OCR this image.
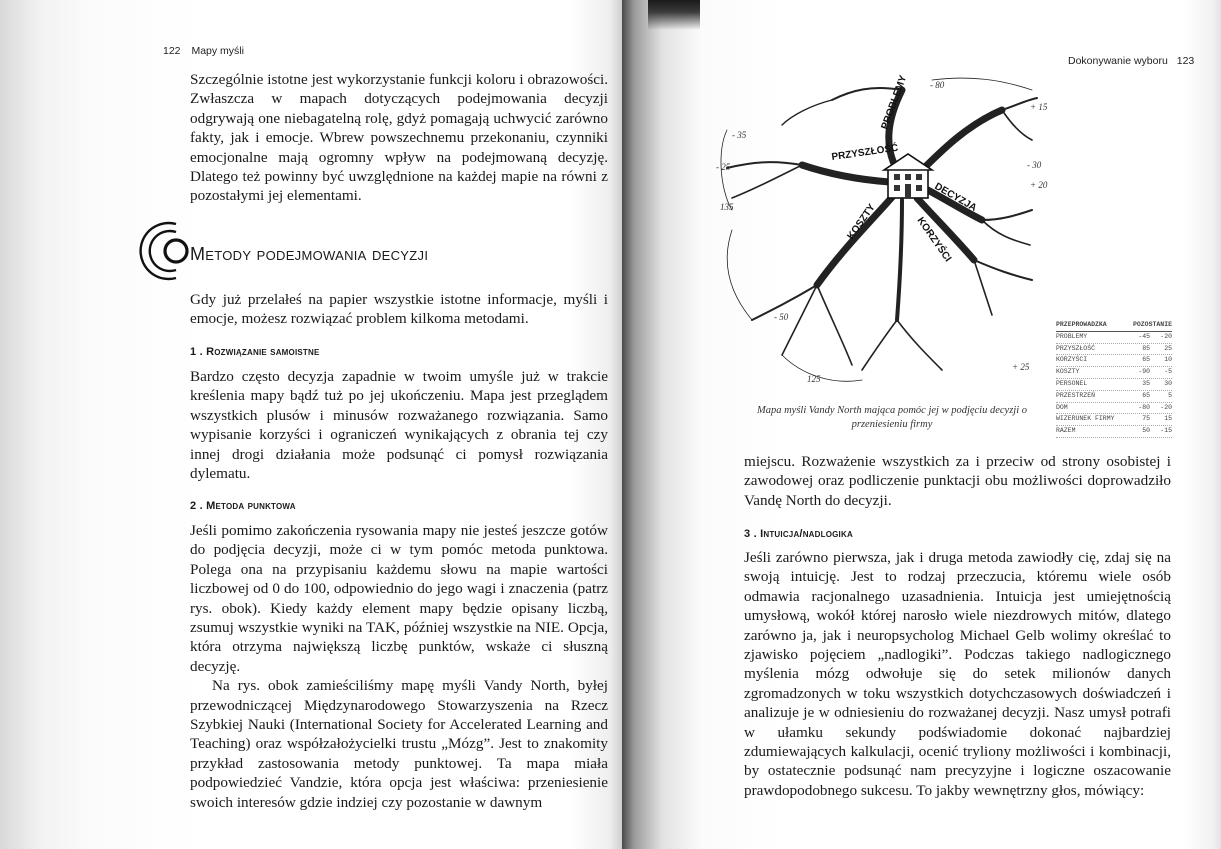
122 Mapy myśli

Szczególnie istotne jest wykorzystanie funkcji koloru i obrazowości. Zwłaszcza w mapach dotyczących podejmowania decyzji odgrywają one niebagatelną rolę, gdyż pomagają uchwycić zarówno fakty, jak i emocje. Wbrew powszechnemu przekonaniu, czynniki emocjonalne mają ogromny wpływ na podejmowaną decyzję. Dlatego też powinny być uwzględnione na każdej mapie na równi z pozostałymi jej elementami.

Metody podejmowania decyzji

Gdy już przelałeś na papier wszystkie istotne informacje, myśli i emocje, możesz rozwiązać problem kilkoma metodami.

1 . Rozwiązanie samoistne

Bardzo często decyzja zapadnie w twoim umyśle już w trakcie kreślenia mapy bądź tuż po jej ukończeniu. Mapa jest przeglądem wszystkich plusów i minusów rozważanego rozwiązania. Samo wypisanie korzyści i ograniczeń wynikających z obrania tej czy innej drogi działania może podsunąć ci pomysł rozwiązania dylematu.

2 . Metoda punktowa

Jeśli pomimo zakończenia rysowania mapy nie jesteś jeszcze gotów do podjęcia decyzji, może ci w tym pomóc metoda punktowa. Polega ona na przypisaniu każdemu słowu na mapie wartości liczbowej od 0 do 100, odpowiednio do jego wagi i znaczenia (patrz rys. obok). Kiedy każdy element mapy będzie opisany liczbą, zsumuj wszystkie wyniki na TAK, później wszystkie na NIE. Opcja, która otrzyma największą liczbę punktów, wskaże ci słuszną decyzję.

Na rys. obok zamieściliśmy mapę myśli Vandy North, byłej przewodniczącej Międzynarodowego Stowarzyszenia na Rzecz Szybkiej Nauki (International Society for Accelerated Learning and Teaching) oraz współzałożycielki trustu „Mózg”. Jest to znakomity przykład zastosowania metody punktowej. Ta mapa miała podpowiedzieć Vandzie, która opcja jest właściwa: przeniesienie swoich interesów gdzie indziej czy pozostanie w dawnym

Dokonywanie wyboru 123
PRZYSZŁOŚĆ
PROBLEMY
DECYZJA
KOSZTY	KORZYŚCI
- 35
+ 15
+ 20
- 30
+ 25
- 25
- 50
125
- 80
135
PRZEPROWADZKA	POZOSTANIE
PROBLEMY	-45	-20
PRZYSZŁOŚĆ	85	25
KORZYŚCI	65	10
KOSZTY	-90	-5
PERSONEL	35	30
PRZESTRZEŃ	65	5
DOM	-80	-20
WIZERUNEK FIRMY	75	15
RAZEM	50	-15
Mapa myśli Vandy North mająca pomóc jej w podjęciu decyzji o przeniesieniu firmy

miejscu. Rozważenie wszystkich za i przeciw od strony osobistej i zawodowej oraz podliczenie punktacji obu możliwości doprowadziło Vandę North do decyzji.

3 . Intuicja/nadlogika

Jeśli zarówno pierwsza, jak i druga metoda zawiodły cię, zdaj się na swoją intuicję. Jest to rodzaj przeczucia, któremu wiele osób odmawia racjonalnego uzasadnienia. Intuicja jest umiejętnością umysłową, wokół której narosło wiele niezdrowych mitów, dlatego zarówno ja, jak i neuropsycholog Michael Gelb wolimy określać to zjawisko pojęciem „nadlogiki”. Podczas takiego nadlogicznego myślenia mózg odwołuje się do setek milionów danych zgromadzonych w toku wszystkich dotychczasowych doświadczeń i analizuje je w odniesieniu do rozważanej decyzji. Nasz umysł potrafi w ułamku sekundy podświadomie dokonać najbardziej zdumiewających kalkulacji, ocenić tryliony możliwości i kombinacji, by ostatecznie podsunąć nam precyzyjne i logiczne oszacowanie prawdopodobnego sukcesu. To jakby wewnętrzny głos, mówiący:
